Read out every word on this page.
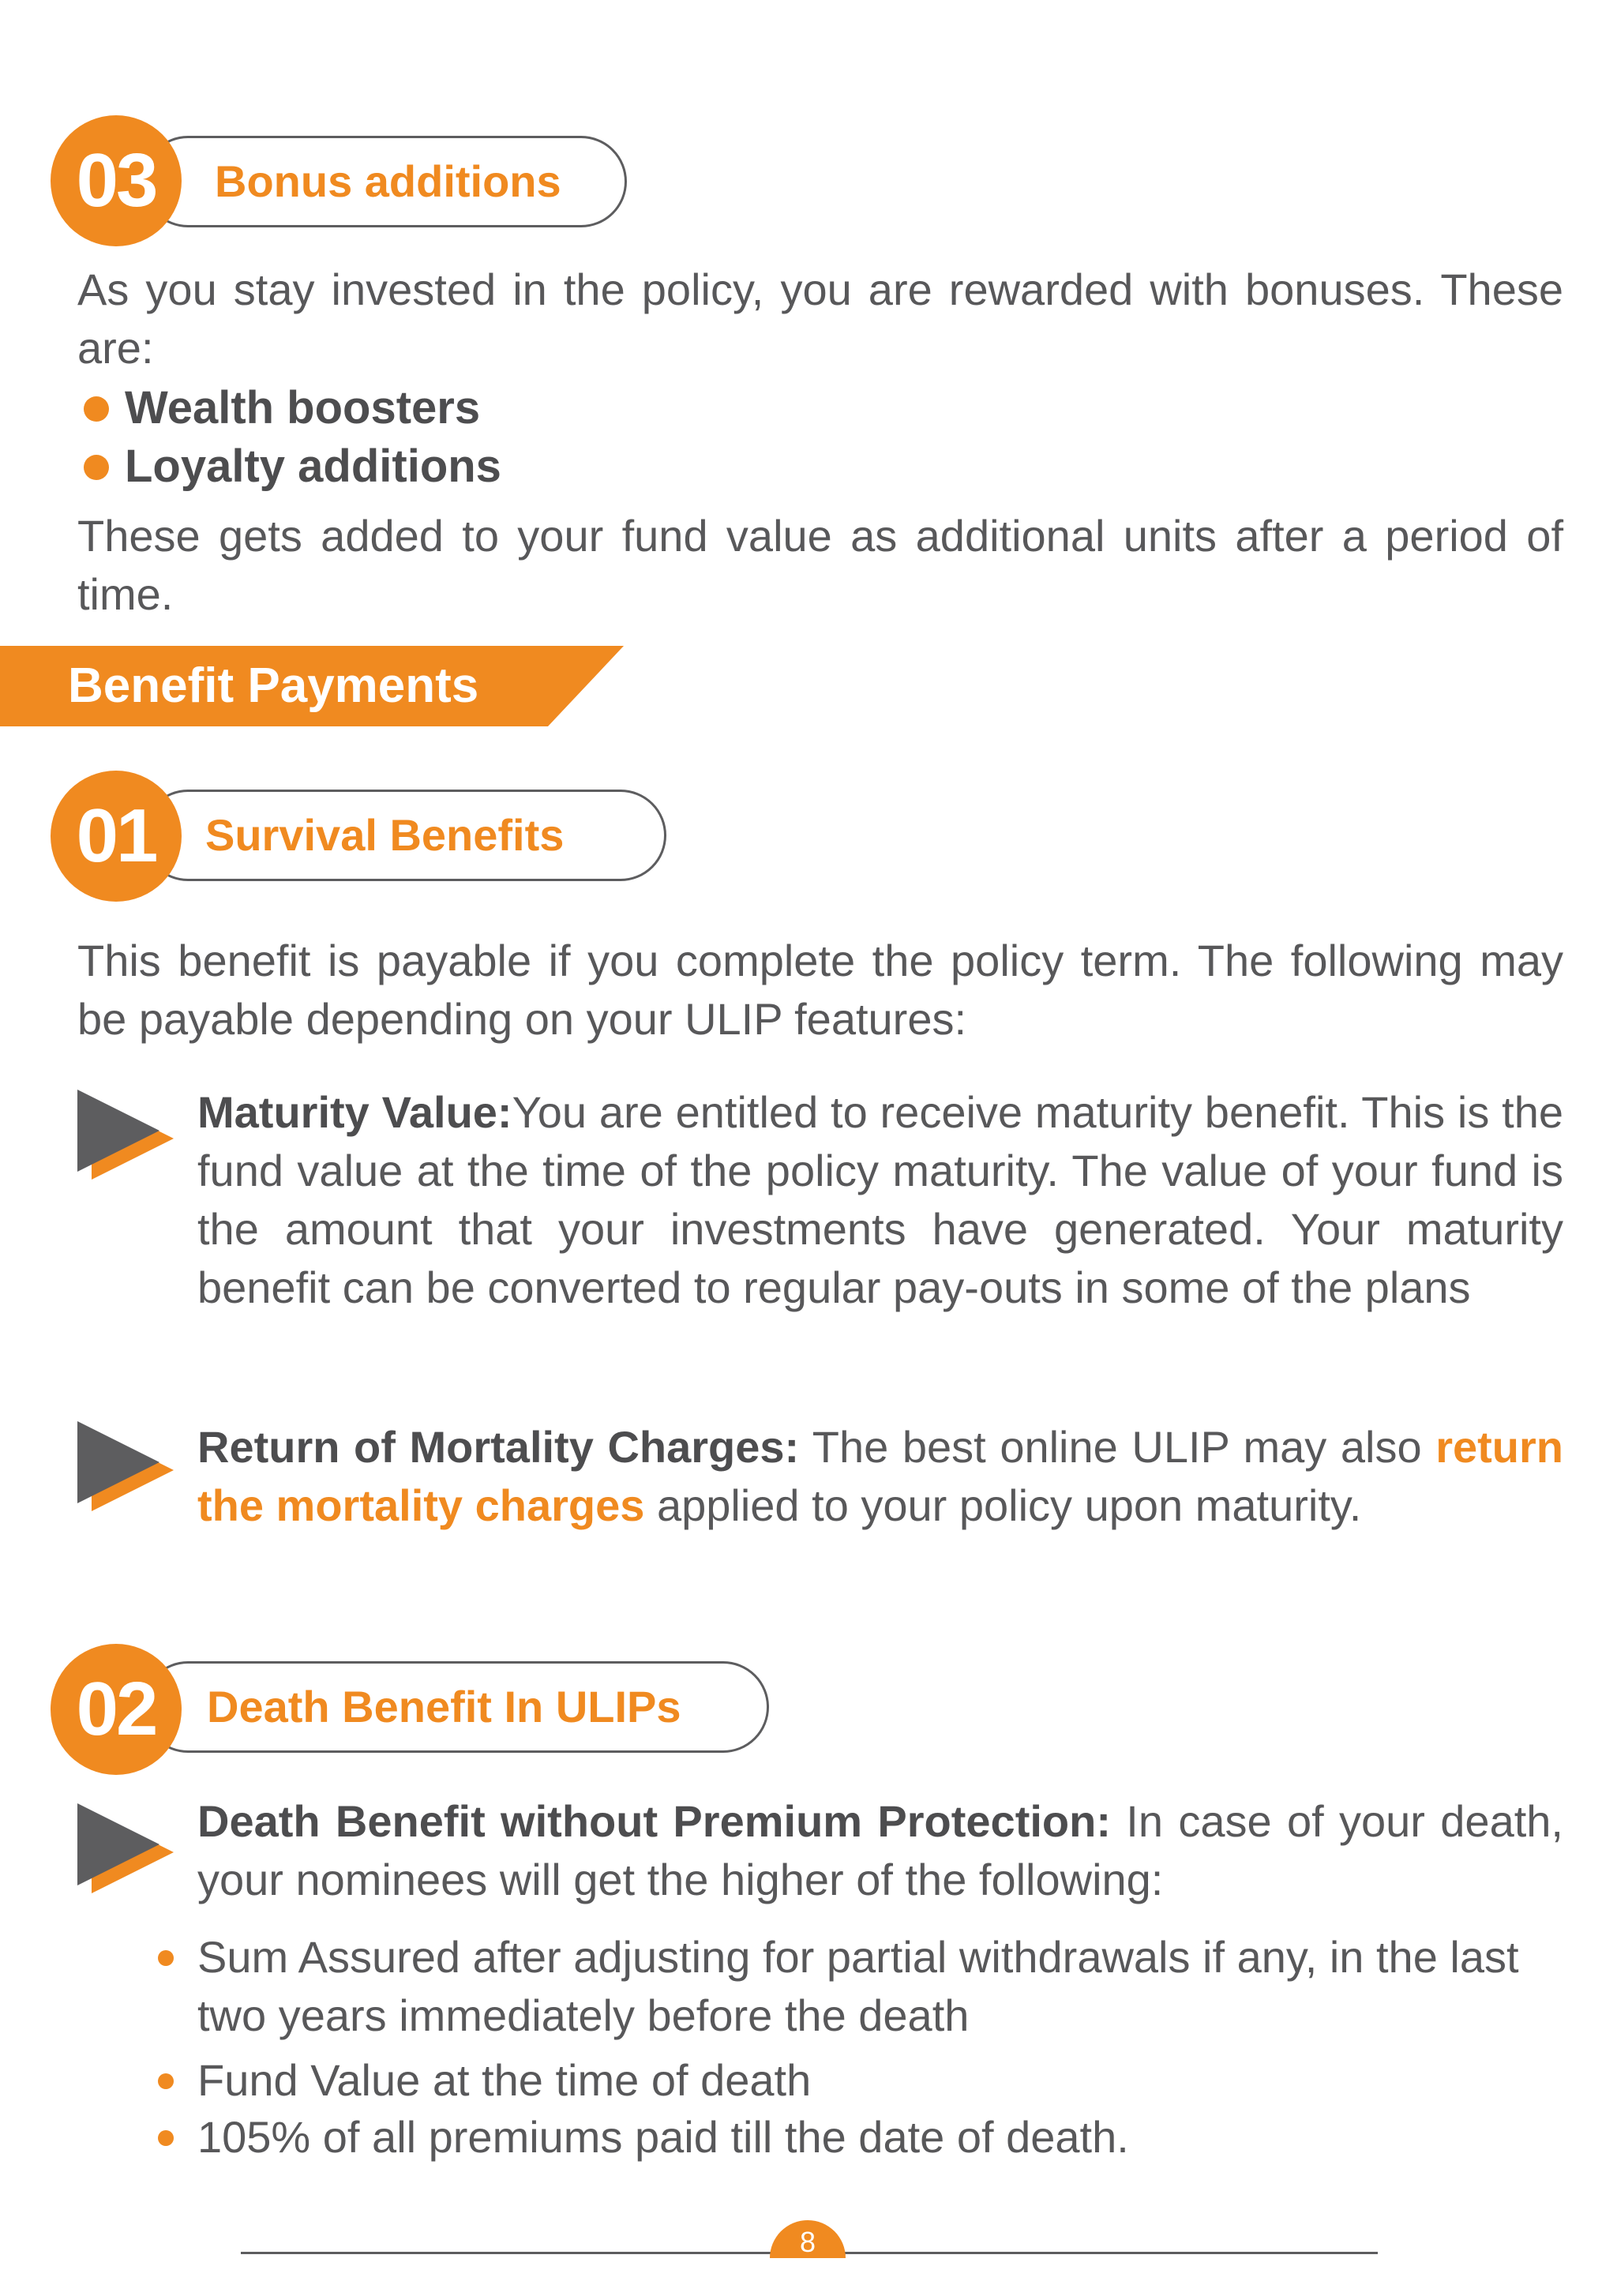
Bonus additions
03

As you stay invested in the policy, you are rewarded with bonuses. These are:

Wealth boosters
Loyalty additions

These gets added to your fund value as additional units after a period of time.

Benefit Payments
Survival Benefits
01

This benefit is payable if you complete the policy term. The following may be payable depending on your ULIP features:

Maturity Value:You are entitled to receive maturity benefit. This is the fund value at the time of the policy maturity. The value of your fund is the amount that your investments have generated. Your maturity benefit can be converted to regular pay-outs in some of the plans

Return of Mortality Charges: The best online ULIP may also return the mortality charges applied to your policy upon maturity.

Death Benefit In ULIPs
02

Death Benefit without Premium Protection: In case of your death, your nominees will get the higher of the following:

Sum Assured after adjusting for partial withdrawals if any, in the last two years immediately before the death

Fund Value at the time of death

105% of all premiums paid till the date of death.

8
